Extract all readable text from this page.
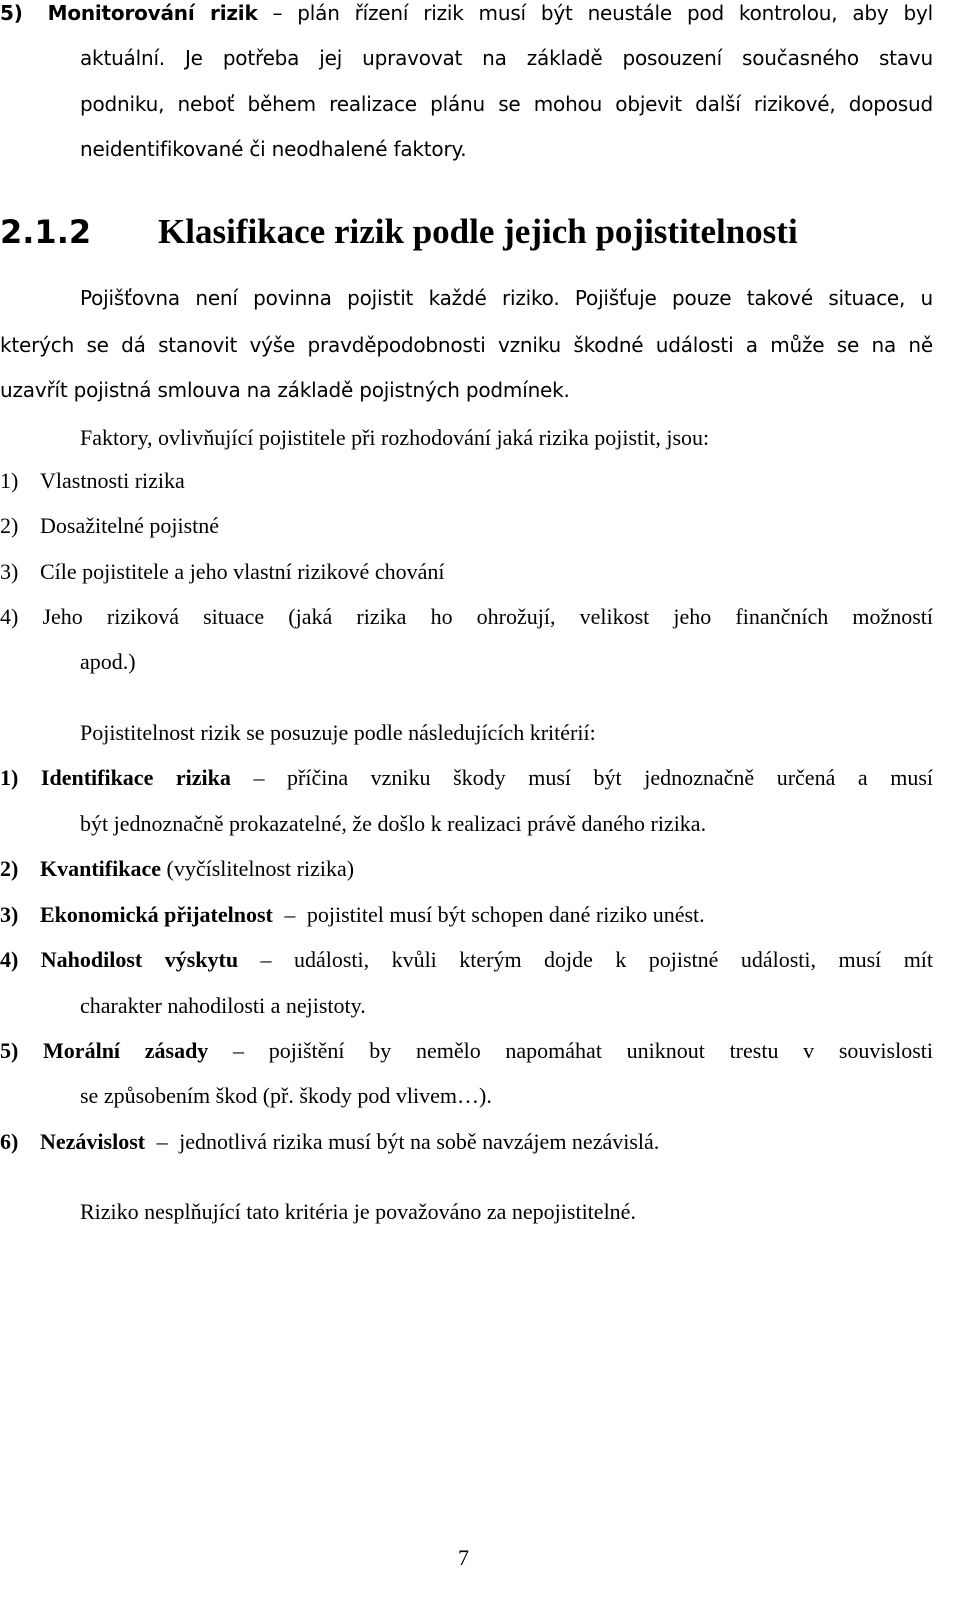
5) Monitorování rizik – plán řízení rizik musí být neustále pod kontrolou, aby byl
aktuální. Je potřeba jej upravovat na základě posouzení současného stavu
podniku, neboť během realizace plánu se mohou objevit další rizikové, doposud
neidentifikované či neodhalené faktory.
2.1.2 Klasifikace rizik podle jejich pojistitelnosti
Pojišťovna není povinna pojistit každé riziko. Pojišťuje pouze takové situace, u
kterých se dá stanovit výše pravděpodobnosti vzniku škodné události a může se na ně
uzavřít pojistná smlouva na základě pojistných podmínek.
Faktory, ovlivňující pojistitele při rozhodování jaká rizika pojistit, jsou:
1) Vlastnosti rizika
2) Dosažitelné pojistné
3) Cíle pojistitele a jeho vlastní rizikové chování
4) Jeho riziková situace (jaká rizika ho ohrožují, velikost jeho finančních možností
apod.)
Pojistitelnost rizik se posuzuje podle následujících kritérií:
1) Identifikace rizika – příčina vzniku škody musí být jednoznačně určená a musí
být jednoznačně prokazatelné, že došlo k realizaci právě daného rizika.
2) Kvantifikace (vyčíslitelnost rizika)
3) Ekonomická přijatelnost – pojistitel musí být schopen dané riziko unést.
4) Nahodilost výskytu – události, kvůli kterým dojde k pojistné události, musí mít
charakter nahodilosti a nejistoty.
5) Morální zásady – pojištění by nemělo napomáhat uniknout trestu v souvislosti
se způsobením škod (př. škody pod vlivem…).
6) Nezávislost – jednotlivá rizika musí být na sobě navzájem nezávislá.
Riziko nesplňující tato kritéria je považováno za nepojistitelné.
7
